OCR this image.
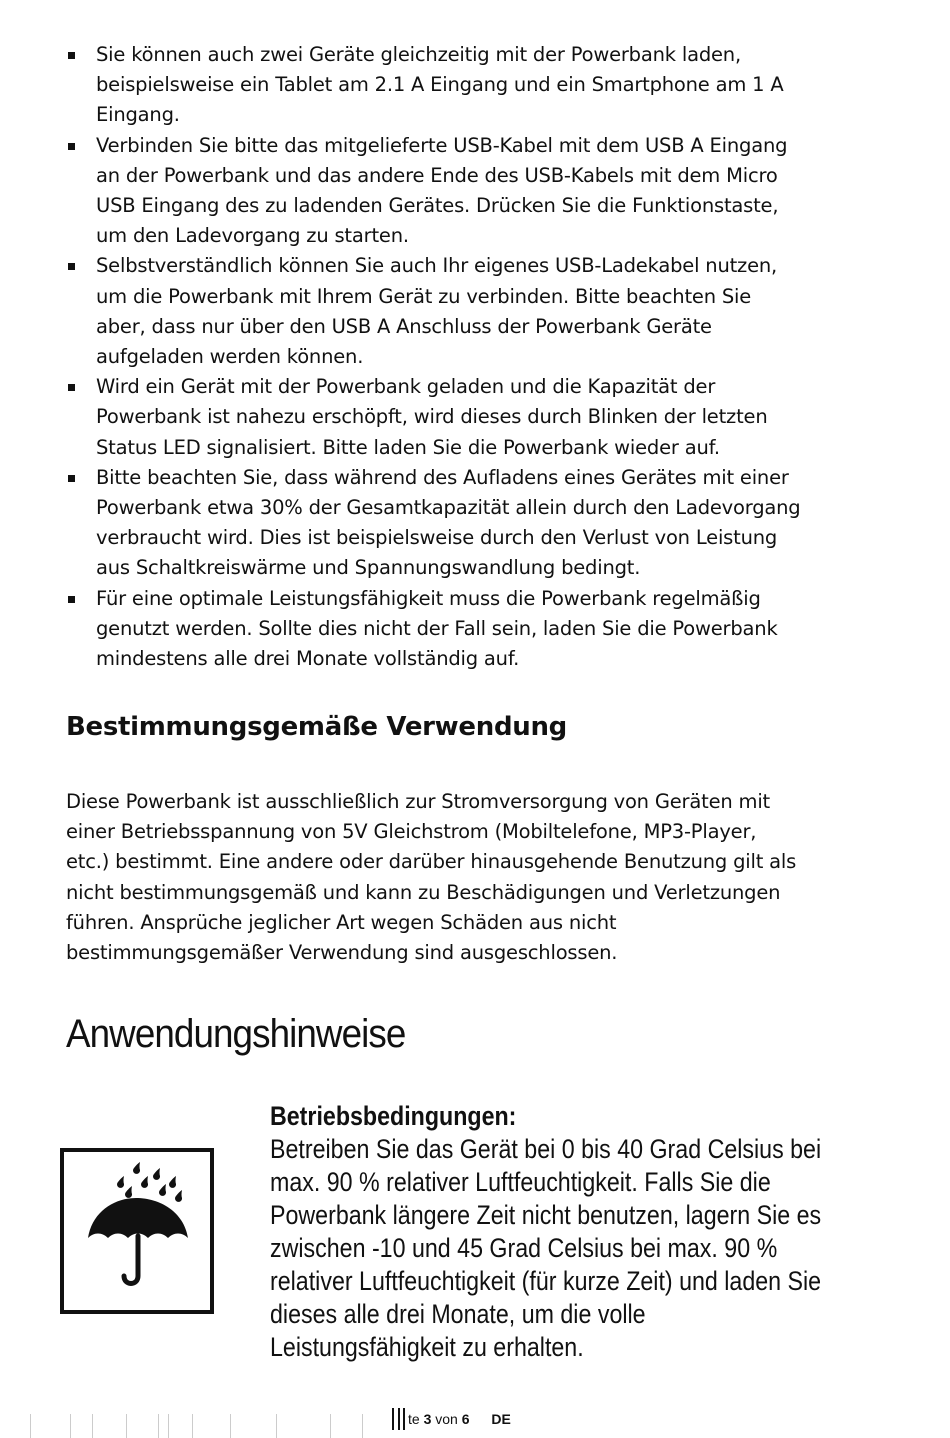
Sie können auch zwei Geräte gleichzeitig mit der Powerbank laden,
beispielsweise ein Tablet am 2.1 A Eingang und ein Smartphone am 1 A
Eingang.
Verbinden Sie bitte das mitgelieferte USB-Kabel mit dem USB A Eingang
an der Powerbank und das andere Ende des USB-Kabels mit dem Micro
USB Eingang des zu ladenden Gerätes. Drücken Sie die Funktionstaste,
um den Ladevorgang zu starten.
Selbstverständlich können Sie auch Ihr eigenes USB-Ladekabel nutzen,
um die Powerbank mit Ihrem Gerät zu verbinden. Bitte beachten Sie
aber, dass nur über den USB A Anschluss der Powerbank Geräte
aufgeladen werden können.
Wird ein Gerät mit der Powerbank geladen und die Kapazität der
Powerbank ist nahezu erschöpft, wird dieses durch Blinken der letzten
Status LED signalisiert. Bitte laden Sie die Powerbank wieder auf.
Bitte beachten Sie, dass während des Aufladens eines Gerätes mit einer
Powerbank etwa 30% der Gesamtkapazität allein durch den Ladevorgang
verbraucht wird. Dies ist beispielsweise durch den Verlust von Leistung
aus Schaltkreiswärme und Spannungswandlung bedingt.
Für eine optimale Leistungsfähigkeit muss die Powerbank regelmäßig
genutzt werden. Sollte dies nicht der Fall sein, laden Sie die Powerbank
mindestens alle drei Monate vollständig auf.
Bestimmungsgemäße Verwendung
Diese Powerbank ist ausschließlich zur Stromversorgung von Geräten mit
einer Betriebsspannung von 5V Gleichstrom (Mobiltelefone, MP3-Player,
etc.) bestimmt. Eine andere oder darüber hinausgehende Benutzung gilt als
nicht bestimmungsgemäß und kann zu Beschädigungen und Verletzungen
führen. Ansprüche jeglicher Art wegen Schäden aus nicht
bestimmungsgemäßer Verwendung sind ausgeschlossen.
Anwendungshinweise
Betriebsbedingungen:
Betreiben Sie das Gerät bei 0 bis 40 Grad Celsius bei
max. 90 % relativer Luftfeuchtigkeit. Falls Sie die
Powerbank längere Zeit nicht benutzen, lagern Sie es
zwischen -10 und 45 Grad Celsius bei max. 90 %
relativer Luftfeuchtigkeit (für kurze Zeit) und laden Sie
dieses alle drei Monate, um die volle
Leistungsfähigkeit zu erhalten.
te 3 von 6 DE
